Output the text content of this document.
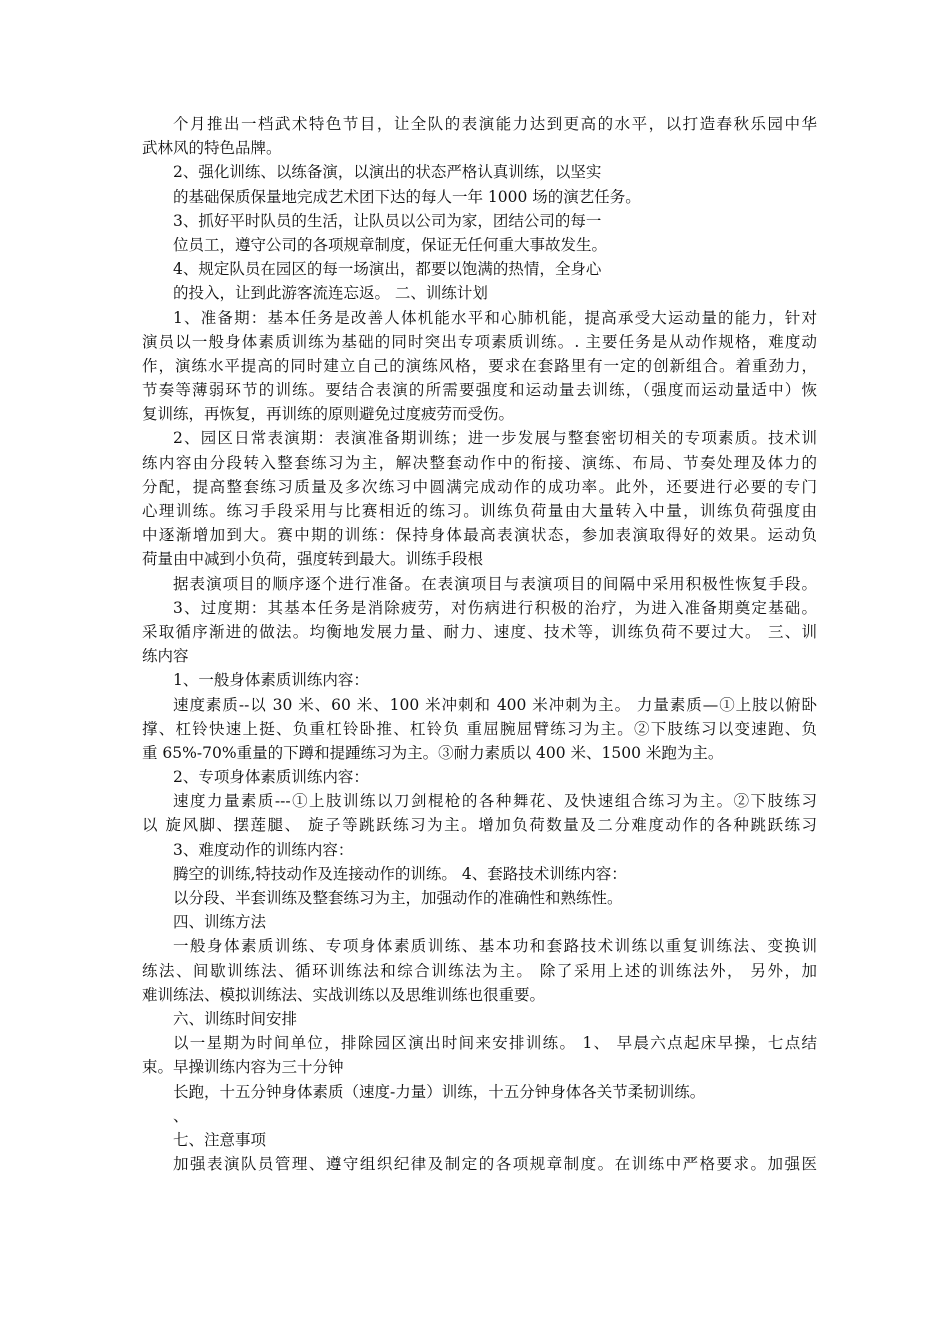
个月推出一档武术特色节目，让全队的表演能力达到更高的水平，以打造春秋乐园中华
武林风的特色品牌。
2、强化训练、以练备演，以演出的状态严格认真训练，以坚实
的基础保质保量地完成艺术团下达的每人一年 1000 场的演艺任务。
3、抓好平时队员的生活，让队员以公司为家，团结公司的每一
位员工，遵守公司的各项规章制度，保证无任何重大事故发生。
4、规定队员在园区的每一场演出，都要以饱满的热情，全身心
的投入，让到此游客流连忘返。 二、训练计划
1、准备期：基本任务是改善人体机能水平和心肺机能，提高承受大运动量的能力，针对
演员以一般身体素质训练为基础的同时突出专项素质训练。. 主要任务是从动作规格，难度动
作，演练水平提高的同时建立自己的演练风格，要求在套路里有一定的创新组合。着重劲力，
节奏等薄弱环节的训练。要结合表演的所需要强度和运动量去训练，（强度而运动量适中）恢
复训练，再恢复，再训练的原则避免过度疲劳而受伤。
2、园区日常表演期：表演准备期训练；进一步发展与整套密切相关的专项素质。技术训
练内容由分段转入整套练习为主，解决整套动作中的衔接、演练、布局、节奏处理及体力的
分配，提高整套练习质量及多次练习中圆满完成动作的成功率。此外，还要进行必要的专门
心理训练。练习手段采用与比赛相近的练习。训练负荷量由大量转入中量，训练负荷强度由
中逐渐增加到大。赛中期的训练：保持身体最高表演状态，参加表演取得好的效果。运动负
荷量由中减到小负荷，强度转到最大。训练手段根
据表演项目的顺序逐个进行准备。在表演项目与表演项目的间隔中采用积极性恢复手段。
3、过度期：其基本任务是消除疲劳，对伤病进行积极的治疗，为进入准备期奠定基础。
采取循序渐进的做法。均衡地发展力量、耐力、速度、技术等，训练负荷不要过大。 三、训
练内容
1、一般身体素质训练内容：
速度素质--以 30 米、60 米、100 米冲刺和 400 米冲刺为主。 力量素质—①上肢以俯卧
撑、杠铃快速上挺、负重杠铃卧推、杠铃负 重屈腕屈臂练习为主。②下肢练习以变速跑、负
重 65%-70%重量的下蹲和提踵练习为主。③耐力素质以 400 米、1500 米跑为主。
2、专项身体素质训练内容：
速度力量素质---①上肢训练以刀剑棍枪的各种舞花、及快速组合练习为主。②下肢练习
以 旋风脚、摆莲腿、 旋子等跳跃练习为主。增加负荷数量及二分难度动作的各种跳跃练习
3、难度动作的训练内容：
腾空的训练,特技动作及连接动作的训练。 4、套路技术训练内容：
以分段、半套训练及整套练习为主，加强动作的准确性和熟练性。
四、训练方法
一般身体素质训练、专项身体素质训练、基本功和套路技术训练以重复训练法、变换训
练法、间歇训练法、循环训练法和综合训练法为主。 除了采用上述的训练法外， 另外，加
难训练法、模拟训练法、实战训练以及思维训练也很重要。
六、训练时间安排
以一星期为时间单位，排除园区演出时间来安排训练。 1、 早晨六点起床早操，七点结
束。早操训练内容为三十分钟
长跑，十五分钟身体素质（速度-力量）训练，十五分钟身体各关节柔韧训练。
、
七、注意事项
加强表演队员管理、遵守组织纪律及制定的各项规章制度。在训练中严格要求。加强医
